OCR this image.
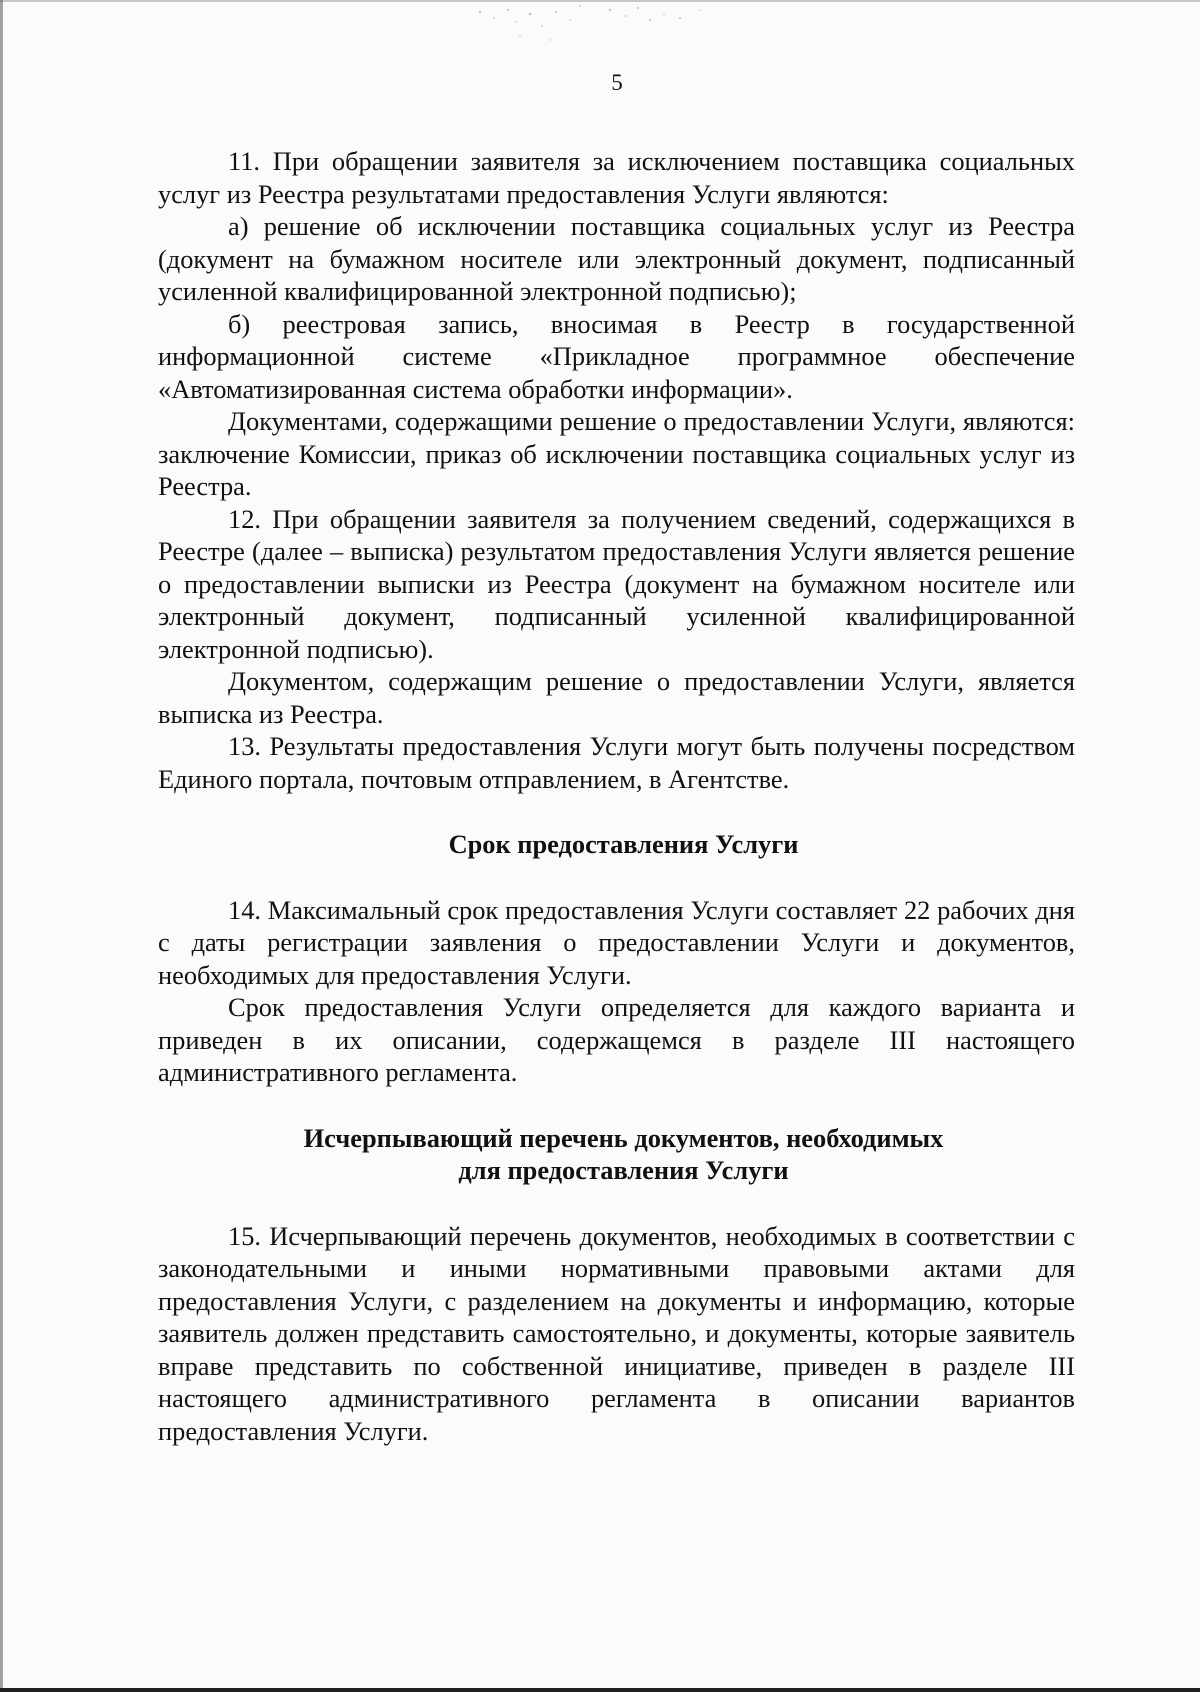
5

11. При обращении заявителя за исключением поставщика социальных услуг из Реестра результатами предоставления Услуги являются:

а) решение об исключении поставщика социальных услуг из Реестра (документ на бумажном носителе или электронный документ, подписанный усиленной квалифицированной электронной подписью);

б) реестровая запись, вносимая в Реестр в государственной информационной системе «Прикладное программное обеспечение «Автоматизированная система обработки информации».

Документами, содержащими решение о предоставлении Услуги, являются: заключение Комиссии, приказ об исключении поставщика социальных услуг из Реестра.

12. При обращении заявителя за получением сведений, содержащихся в Реестре (далее – выписка) результатом предоставления Услуги является решение о предоставлении выписки из Реестра (документ на бумажном носителе или электронный документ, подписанный усиленной квалифицированной электронной подписью).

Документом, содержащим решение о предоставлении Услуги, является выписка из Реестра.

13. Результаты предоставления Услуги могут быть получены посредством Единого портала, почтовым отправлением, в Агентстве.

Срок предоставления Услуги

14. Максимальный срок предоставления Услуги составляет 22 рабочих дня с даты регистрации заявления о предоставлении Услуги и документов, необходимых для предоставления Услуги.

Срок предоставления Услуги определяется для каждого варианта и приведен в их описании, содержащемся в разделе III настоящего административного регламента.

Исчерпывающий перечень документов, необходимых
для предоставления Услуги

15. Исчерпывающий перечень документов, необходимых в соответствии с законодательными и иными нормативными правовыми актами для предоставления Услуги, с разделением на документы и информацию, которые заявитель должен представить самостоятельно, и документы, которые заявитель вправе представить по собственной инициативе, приведен в разделе III настоящего административного регламента в описании вариантов предоставления Услуги.
